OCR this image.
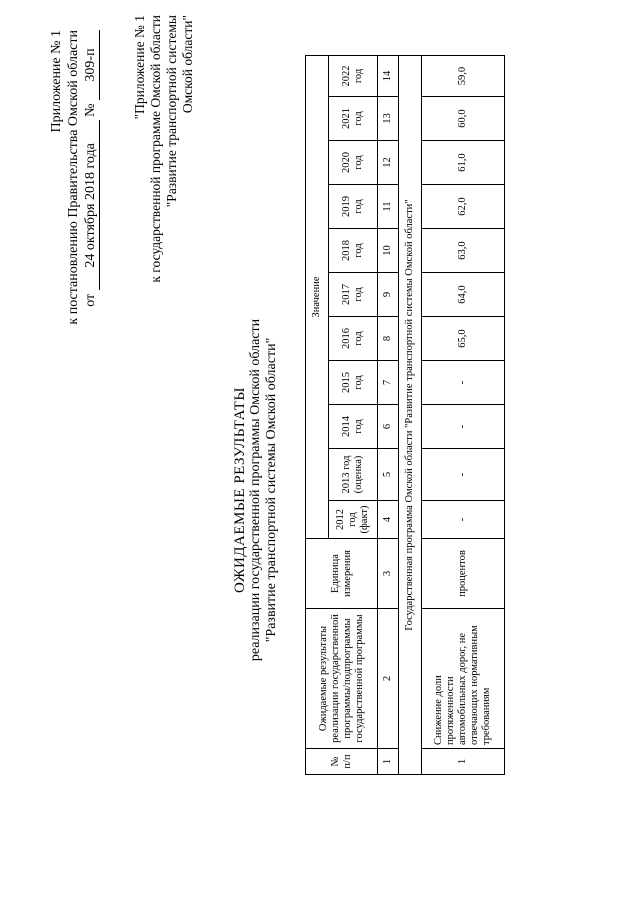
Приложение № 1 к постановлению Правительства Омской области от 24 октября 2018 года № 309-п	"Приложение № 1 к государственной программе Омской области "Развитие транспортной системы Омской области"
ОЖИДАЕМЫЕ РЕЗУЛЬТАТЫ реализации государственной программы Омской области "Развитие транспортной системы Омской области"
№ п/п	Ожидаемые результаты реализации государственной программы/подпрограммы государственной программы	Единица измерения	Значение										
			2012 год (факт)	2013 год (оценка)	2014 год	2015 год	2016 год	2017 год	2018 год	2019 год	2020 год	2021 год	2022 год
1	2	3	4	5	6	7	8	9	10	11	12	13	14
Государственная программа Омской области "Развитие транспортной системы Омской области"													
1	Снижение доли протяженности автомобильных дорог, не отвечающих нормативным требованиям	процентов	-	-	-	-	65,0	64,0	63,0	62,0	61,0	60,0	59,0
